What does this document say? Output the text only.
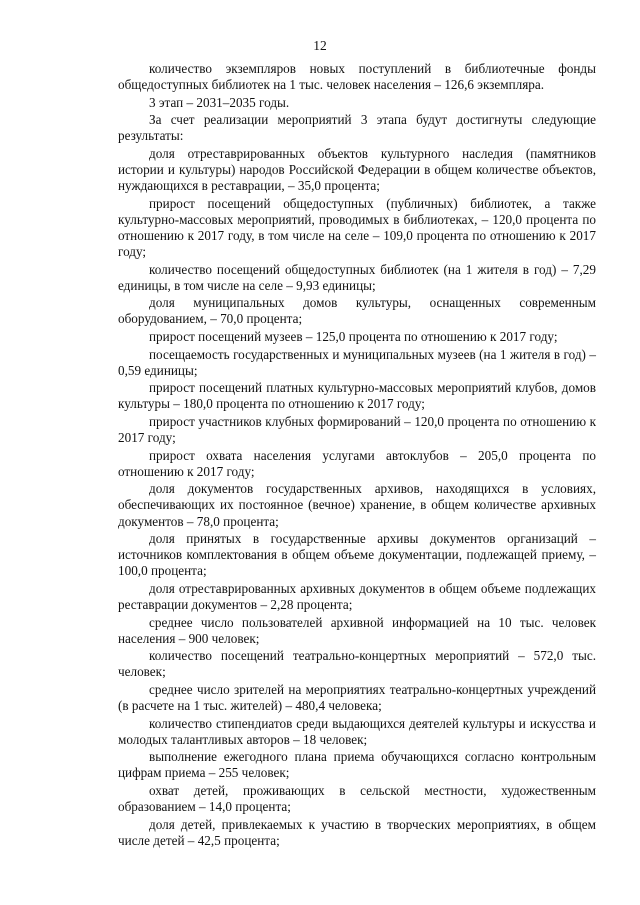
12

количество экземпляров новых поступлений в библиотечные фонды общедоступных библиотек на 1 тыс. человек населения – 126,6 экземпляра.

3 этап – 2031–2035 годы.

За счет реализации мероприятий 3 этапа будут достигнуты следующие результаты:

доля отреставрированных объектов культурного наследия (памятников истории и культуры) народов Российской Федерации в общем количестве объектов, нуждающихся в реставрации, – 35,0 процента;

прирост посещений общедоступных (публичных) библиотек, а также культурно-массовых мероприятий, проводимых в библиотеках, – 120,0 процента по отношению к 2017 году, в том числе на селе – 109,0 процента по отношению к 2017 году;

количество посещений общедоступных библиотек (на 1 жителя в год) – 7,29 единицы, в том числе на селе – 9,93 единицы;

доля муниципальных домов культуры, оснащенных современным оборудованием, – 70,0 процента;

прирост посещений музеев – 125,0 процента по отношению к 2017 году;

посещаемость государственных и муниципальных музеев (на 1 жителя в год) – 0,59 единицы;

прирост посещений платных культурно-массовых мероприятий клубов, домов культуры – 180,0 процента по отношению к 2017 году;

прирост участников клубных формирований – 120,0 процента по отношению к 2017 году;

прирост охвата населения услугами автоклубов – 205,0 процента по отношению к 2017 году;

доля документов государственных архивов, находящихся в условиях, обеспечивающих их постоянное (вечное) хранение, в общем количестве архивных документов – 78,0 процента;

доля принятых в государственные архивы документов организаций – источников комплектования в общем объеме документации, подлежащей приему, – 100,0 процента;

доля отреставрированных архивных документов в общем объеме подлежащих реставрации документов – 2,28 процента;

среднее число пользователей архивной информацией на 10 тыс. человек населения – 900 человек;

количество посещений театрально-концертных мероприятий – 572,0 тыс. человек;

среднее число зрителей на мероприятиях театрально-концертных учреждений (в расчете на 1 тыс. жителей) – 480,4 человека;

количество стипендиатов среди выдающихся деятелей культуры и искусства и молодых талантливых авторов – 18 человек;

выполнение ежегодного плана приема обучающихся согласно контрольным цифрам приема – 255 человек;

охват детей, проживающих в сельской местности, художественным образованием – 14,0 процента;

доля детей, привлекаемых к участию в творческих мероприятиях, в общем числе детей – 42,5 процента;
